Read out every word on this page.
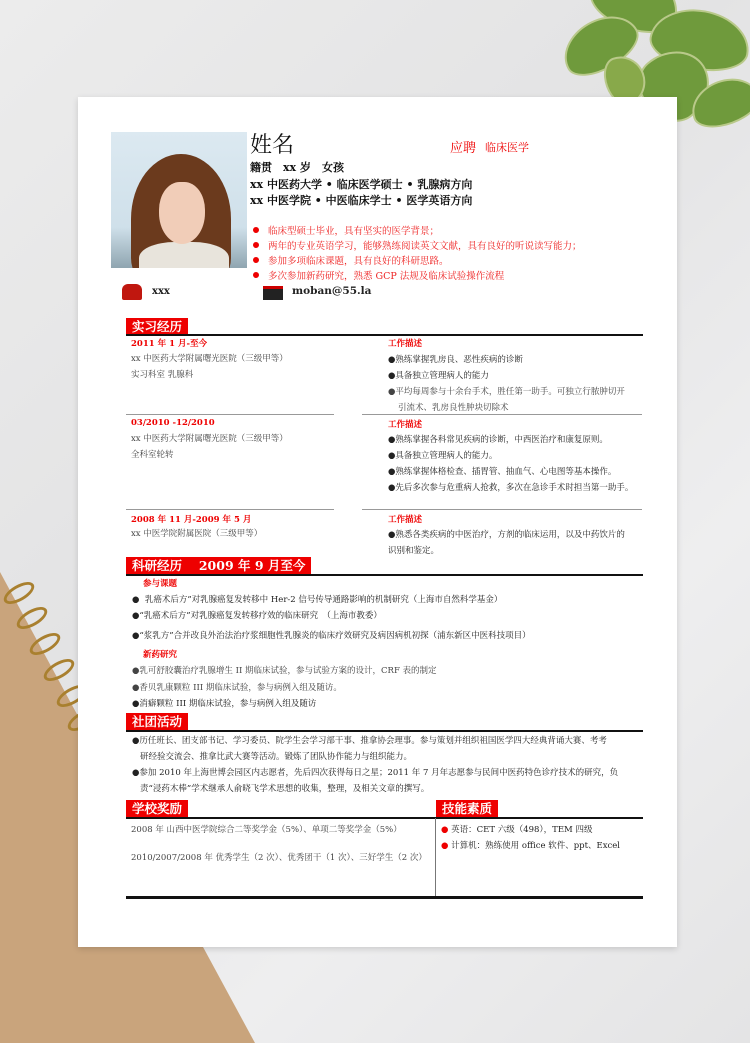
姓名	应聘 临床医学
籍贯　xx 岁　女孩
xx 中医药大学 • 临床医学硕士 • 乳腺病方向
xx 中医学院 • 中医临床学士 • 医学英语方向
临床型硕士毕业，具有坚实的医学背景；
两年的专业英语学习，能够熟练阅读英文文献，具有良好的听说读写能力；
参加多项临床课题，具有良好的科研思路。
多次参加新药研究，熟悉 GCP 法规及临床试验操作流程
xxx	moban@55.la
实习经历
2011 年 1 月-至今
xx 中医药大学附属曙光医院（三级甲等）
实习科室 乳腺科
工作描述
●熟练掌握乳房良、恶性疾病的诊断
●具备独立管理病人的能力
●平均每周参与十余台手术，胜任第一助手。可独立行脓肿切开
引流术、乳房良性肿块切除术
03/2010 -12/2010
xx 中医药大学附属曙光医院（三级甲等）
全科室轮转
工作描述
●熟练掌握各科常见疾病的诊断，中西医治疗和康复原则。
●具备独立管理病人的能力。
●熟练掌握体格检查、插胃管、抽血气、心电图等基本操作。
●先后多次参与危重病人抢救，多次在急诊手术时担当第一助手。
2008 年 11 月-2009 年 5 月
xx 中医学院附属医院（三级甲等）
工作描述
●熟悉各类疾病的中医治疗，方剂的临床运用，以及中药饮片的
识别和鉴定。
科研经历　 2009 年 9 月至今
参与课题
●  乳癌术后方”对乳腺癌复发转移中 Her-2 信号传导通路影响的机制研究（上海市自然科学基金）
●“乳癌术后方”对乳腺癌复发转移疗效的临床研究　（上海市教委）
●“浆乳方”合并改良外治法治疗浆细胞性乳腺炎的临床疗效研究及病因病机初探（浦东新区中医科技项目）
新药研究
●乳可舒胶囊治疗乳腺增生 II 期临床试验，参与试验方案的设计，CRF 表的制定
●香贝乳康颗粒 III 期临床试验，参与病例入组及随访。
●消癖颗粒 III 期临床试验，参与病例入组及随访
社团活动
●历任班长、团支部书记、学习委员、院学生会学习部干事、推拿协会理事。参与策划并组织祖国医学四大经典背诵大赛、考考
研经验交流会、推拿比武大赛等活动。锻炼了团队协作能力与组织能力。
●参加 2010 年上海世博会园区内志愿者，先后四次获得每日之星；2011 年 7 月年志愿参与民间中医药特色诊疗技术的研究，负
责“浸药木棒”学术继承人俞晓飞学术思想的收集，整理，及相关文章的撰写。
学校奖励	技能素质
2008 年 山西中医学院综合二等奖学金（5%）、单项二等奖学金（5%）
2010/2007/2008 年 优秀学生（2 次）、优秀团干（1 次）、三好学生（2 次）
● 英语：CET 六级（498），TEM 四级
● 计算机：熟练使用 office 软件、ppt、Excel
